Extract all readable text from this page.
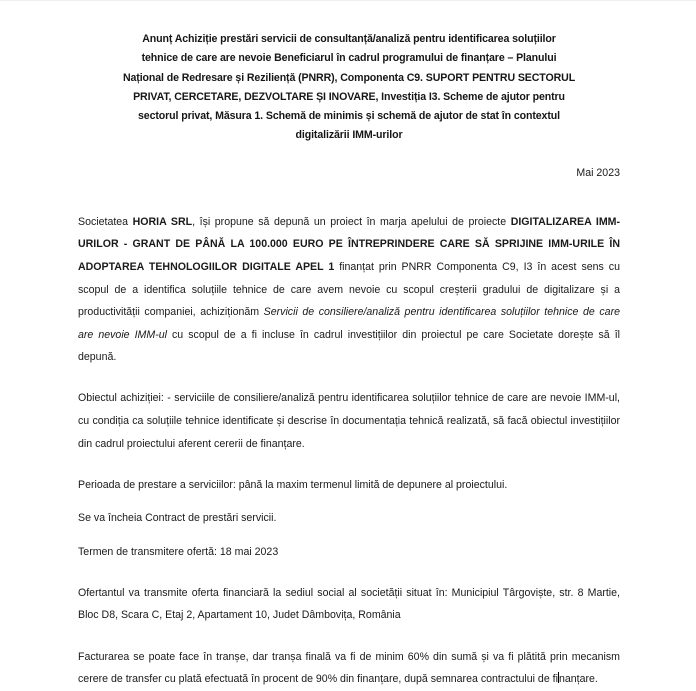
Anunț Achiziție prestări servicii de consultanță/analiză pentru identificarea soluțiilor
tehnice de care are nevoie Beneficiarul în cadrul programului de finanțare – Planului
Național de Redresare și Reziliență (PNRR), Componenta C9. SUPORT PENTRU SECTORUL
PRIVAT, CERCETARE, DEZVOLTARE ȘI INOVARE, Investiția I3. Scheme de ajutor pentru
sectorul privat, Măsura 1. Schemă de minimis și schemă de ajutor de stat în contextul
digitalizării IMM-urilor
Mai 2023

Societatea HORIA SRL, își propune să depună un proiect în marja apelului de proiecte DIGITALIZAREA IMM-URILOR - GRANT DE PÂNĂ LA 100.000 EURO PE ÎNTREPRINDERE CARE SĂ SPRIJINE IMM-URILE ÎN ADOPTAREA TEHNOLOGIILOR DIGITALE APEL 1 finanțat prin PNRR Componenta C9, I3 în acest sens cu scopul de a identifica soluțiile tehnice de care avem nevoie cu scopul creșterii gradului de digitalizare și a productivității companiei, achiziționăm Servicii de consiliere/analiză pentru identificarea soluțiilor tehnice de care are nevoie IMM-ul cu scopul de a fi incluse în cadrul investițiilor din proiectul pe care Societate dorește să îl depună.

Obiectul achiziției: - serviciile de consiliere/analiză pentru identificarea soluțiilor tehnice de care are nevoie IMM-ul, cu condiția ca soluțiile tehnice identificate și descrise în documentația tehnică realizată, să facă obiectul investițiilor din cadrul proiectului aferent cererii de finanțare.

Perioada de prestare a serviciilor: până la maxim termenul limită de depunere al proiectului.

Se va încheia Contract de prestări servicii.

Termen de transmitere ofertă: 18 mai 2023

Ofertantul va transmite oferta financiară la sediul social al societății situat în: Municipiul Târgoviște, str. 8 Martie, Bloc D8, Scara C, Etaj 2, Apartament 10, Judet Dâmbovița, România

Facturarea se poate face în tranșe, dar tranșa finală va fi de minim 60% din sumă și va fi plătită prin mecanism cerere de transfer cu plată efectuată în procent de 90% din finanțare, după semnarea contractului de finanțare.
